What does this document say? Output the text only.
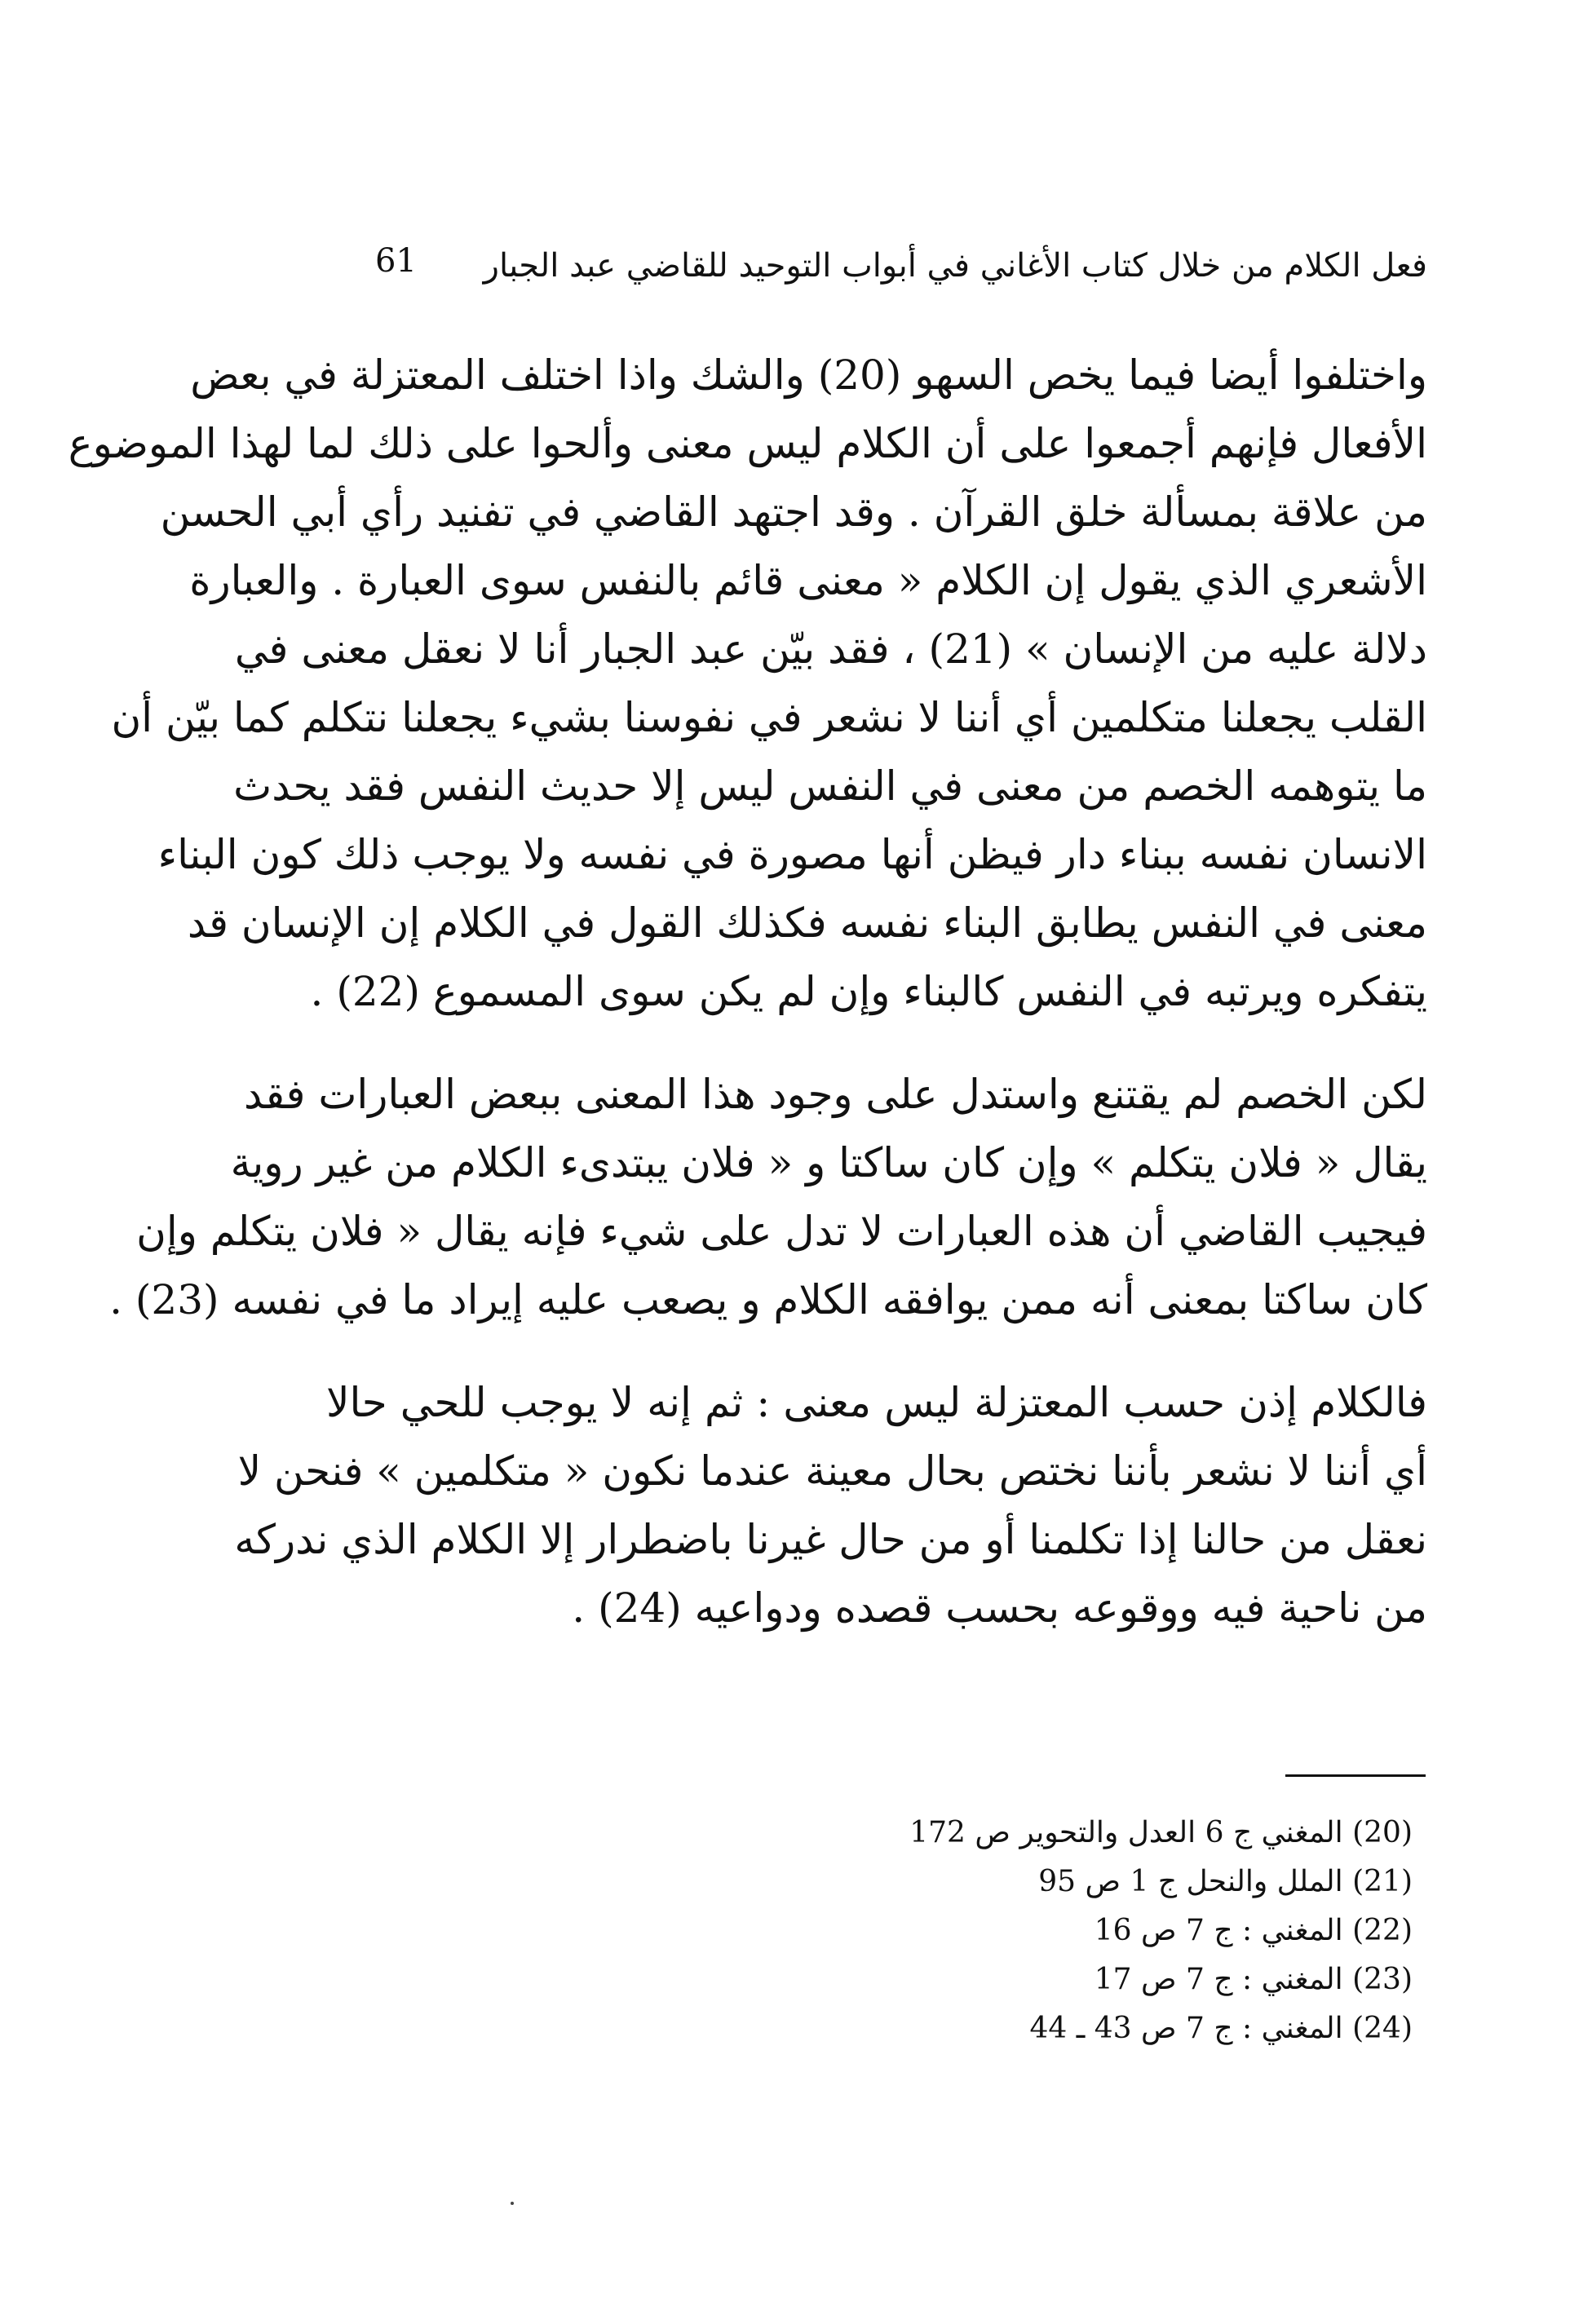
61 فعل الكلام من خلال كتاب الأغاني في أبواب التوحيد للقاضي عبد الجبار
واختلفوا أيضا فيما يخص السهو (20) والشك واذا اختلف المعتزلة في بعض
الأفعال فإنهم أجمعوا على أن الكلام ليس معنى وألحوا على ذلك لما لهذا الموضوع
من علاقة بمسألة خلق القرآن . وقد اجتهد القاضي في تفنيد رأي أبي الحسن
الأشعري الذي يقول إن الكلام « معنى قائم بالنفس سوى العبارة . والعبارة
دلالة عليه من الإنسان » (21) ، فقد بيّن عبد الجبار أنا لا نعقل معنى في
القلب يجعلنا متكلمين أي أننا لا نشعر في نفوسنا بشيء يجعلنا نتكلم كما بيّن أن
ما يتوهمه الخصم من معنى في النفس ليس إلا حديث النفس فقد يحدث
الانسان نفسه ببناء دار فيظن أنها مصورة في نفسه ولا يوجب ذلك كون البناء
معنى في النفس يطابق البناء نفسه فكذلك القول في الكلام إن الإنسان قد
يتفكره ويرتبه في النفس كالبناء وإن لم يكن سوى المسموع (22) .
لكن الخصم لم يقتنع واستدل على وجود هذا المعنى ببعض العبارات فقد
يقال « فلان يتكلم » وإن كان ساكتا و « فلان يبتدىء الكلام من غير روية
فيجيب القاضي أن هذه العبارات لا تدل على شيء فإنه يقال « فلان يتكلم وإن
كان ساكتا بمعنى أنه ممن يوافقه الكلام و يصعب عليه إيراد ما في نفسه (23) .
فالكلام إذن حسب المعتزلة ليس معنى : ثم إنه لا يوجب للحي حالا
أي أننا لا نشعر بأننا نختص بحال معينة عندما نكون « متكلمين » فنحن لا
نعقل من حالنا إذا تكلمنا أو من حال غيرنا باضطرار إلا الكلام الذي ندركه
من ناحية فيه ووقوعه بحسب قصده ودواعيه (24) .
(20) المغني ج 6 العدل والتحوير ص 172
(21) الملل والنحل ج 1 ص 95
(22) المغني : ج 7 ص 16
(23) المغني : ج 7 ص 17
(24) المغني : ج 7 ص 43 ـ 44
